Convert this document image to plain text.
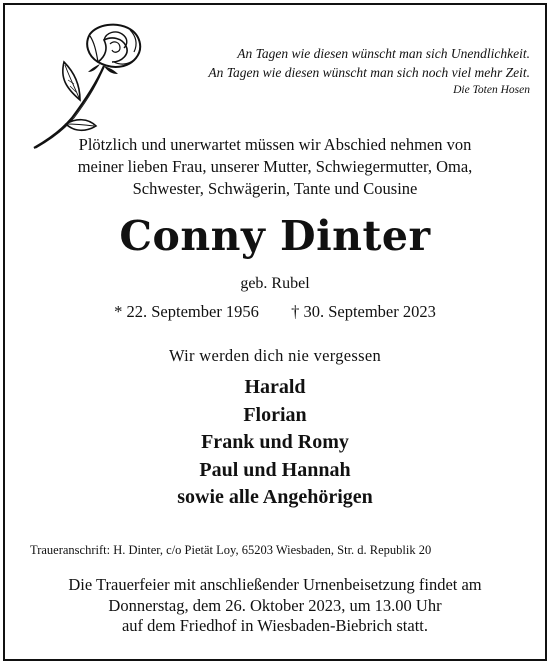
An Tagen wie diesen wünscht man sich Unendlichkeit.
An Tagen wie diesen wünscht man sich noch viel mehr Zeit.
Die Toten Hosen
Plötzlich und unerwartet müssen wir Abschied nehmen von
meiner lieben Frau, unserer Mutter, Schwiegermutter, Oma,
Schwester, Schwägerin, Tante und Cousine
Conny Dinter
geb. Rubel
* 22. September 1956 † 30. September 2023
Wir werden dich nie vergessen
Harald
Florian
Frank und Romy
Paul und Hannah
sowie alle Angehörigen
Traueranschrift: H. Dinter, c/o Pietät Loy, 65203 Wiesbaden, Str. d. Republik 20
Die Trauerfeier mit anschließender Urnenbeisetzung findet am
Donnerstag, dem 26. Oktober 2023, um 13.00 Uhr
auf dem Friedhof in Wiesbaden-Biebrich statt.
